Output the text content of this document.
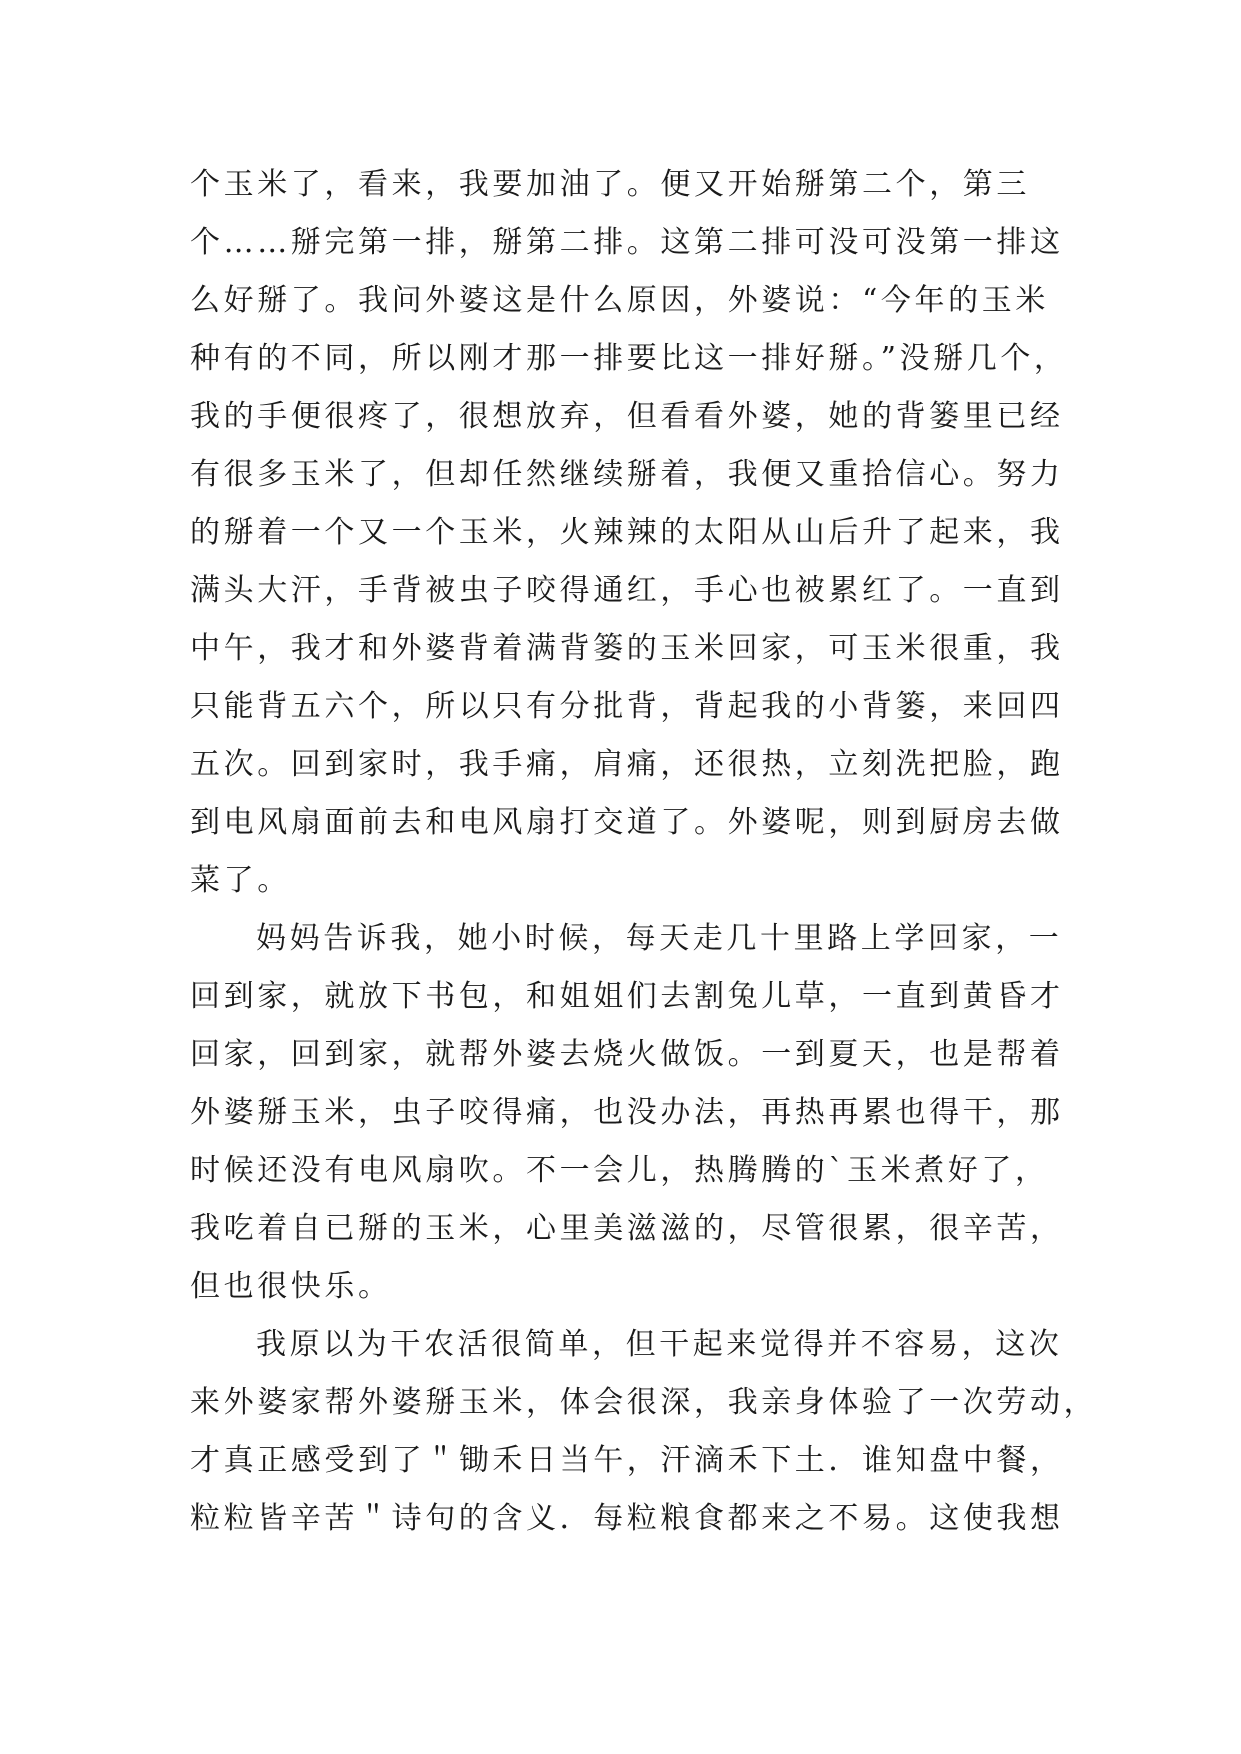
个玉米了，看来，我要加油了。便又开始掰第二个，第三
个……掰完第一排，掰第二排。这第二排可没可没第一排这
么好掰了。我问外婆这是什么原因，外婆说：“今年的玉米
种有的不同，所以刚才那一排要比这一排好掰。”没掰几个，
我的手便很疼了，很想放弃，但看看外婆，她的背篓里已经
有很多玉米了，但却任然继续掰着，我便又重拾信心。努力
的掰着一个又一个玉米，火辣辣的太阳从山后升了起来，我
满头大汗，手背被虫子咬得通红，手心也被累红了。一直到
中午，我才和外婆背着满背篓的玉米回家，可玉米很重，我
只能背五六个，所以只有分批背，背起我的小背篓，来回四
五次。回到家时，我手痛，肩痛，还很热，立刻洗把脸，跑
到电风扇面前去和电风扇打交道了。外婆呢，则到厨房去做
菜了。
妈妈告诉我，她小时候，每天走几十里路上学回家，一
回到家，就放下书包，和姐姐们去割兔儿草，一直到黄昏才
回家，回到家，就帮外婆去烧火做饭。一到夏天，也是帮着
外婆掰玉米，虫子咬得痛，也没办法，再热再累也得干，那
时候还没有电风扇吹。不一会儿，热腾腾的`玉米煮好了，
我吃着自已掰的玉米，心里美滋滋的，尽管很累，很辛苦，
但也很快乐。
我原以为干农活很简单，但干起来觉得并不容易，这次
来外婆家帮外婆掰玉米，体会很深，我亲身体验了一次劳动，
才真正感受到了＂锄禾日当午，汗滴禾下土．谁知盘中餐，
粒粒皆辛苦＂诗句的含义．每粒粮食都来之不易。这使我想
